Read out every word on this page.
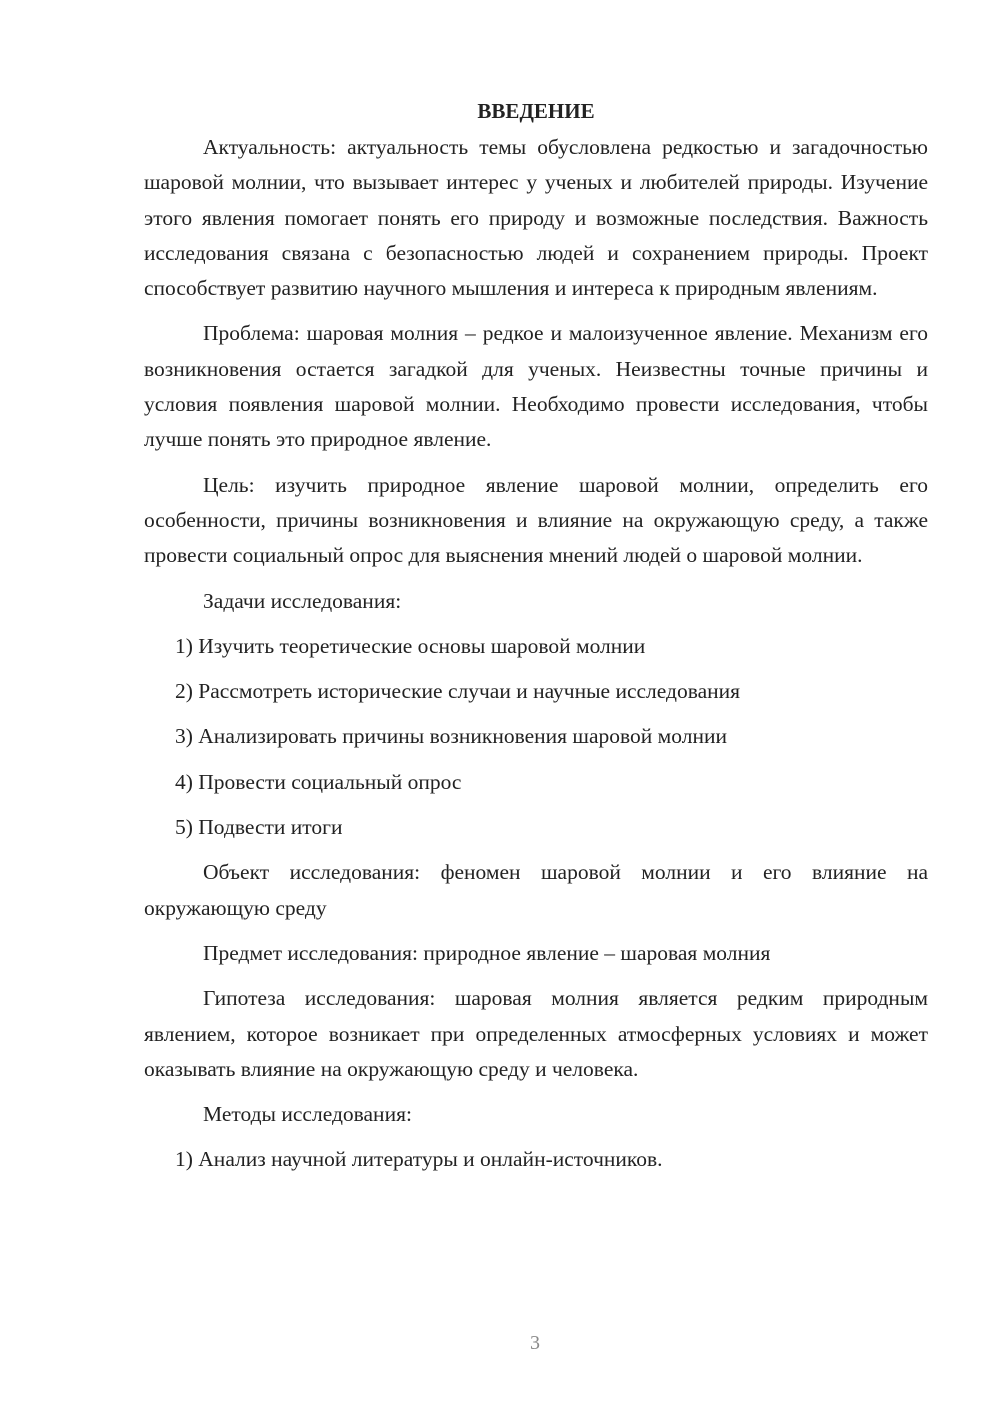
ВВЕДЕНИЕ

Актуальность: актуальность темы обусловлена редкостью и загадочностью шаровой молнии, что вызывает интерес у ученых и любителей природы. Изучение этого явления помогает понять его природу и возможные последствия. Важность исследования связана с безопасностью людей и сохранением природы. Проект способствует развитию научного мышления и интереса к природным явлениям.

Проблема: шаровая молния – редкое и малоизученное явление. Механизм его возникновения остается загадкой для ученых. Неизвестны точные причины и условия появления шаровой молнии. Необходимо провести исследования, чтобы лучше понять это природное явление.

Цель: изучить природное явление шаровой молнии, определить его особенности, причины возникновения и влияние на окружающую среду, а также провести социальный опрос для выяснения мнений людей о шаровой молнии.

Задачи исследования:

1) Изучить теоретические основы шаровой молнии
2) Рассмотреть исторические случаи и научные исследования
3) Анализировать причины возникновения шаровой молнии
4) Провести социальный опрос
5) Подвести итоги

Объект исследования: феномен шаровой молнии и его влияние на окружающую среду

Предмет исследования: природное явление – шаровая молния

Гипотеза исследования: шаровая молния является редким природным явлением, которое возникает при определенных атмосферных условиях и может оказывать влияние на окружающую среду и человека.

Методы исследования:

1) Анализ научной литературы и онлайн-источников.
3
